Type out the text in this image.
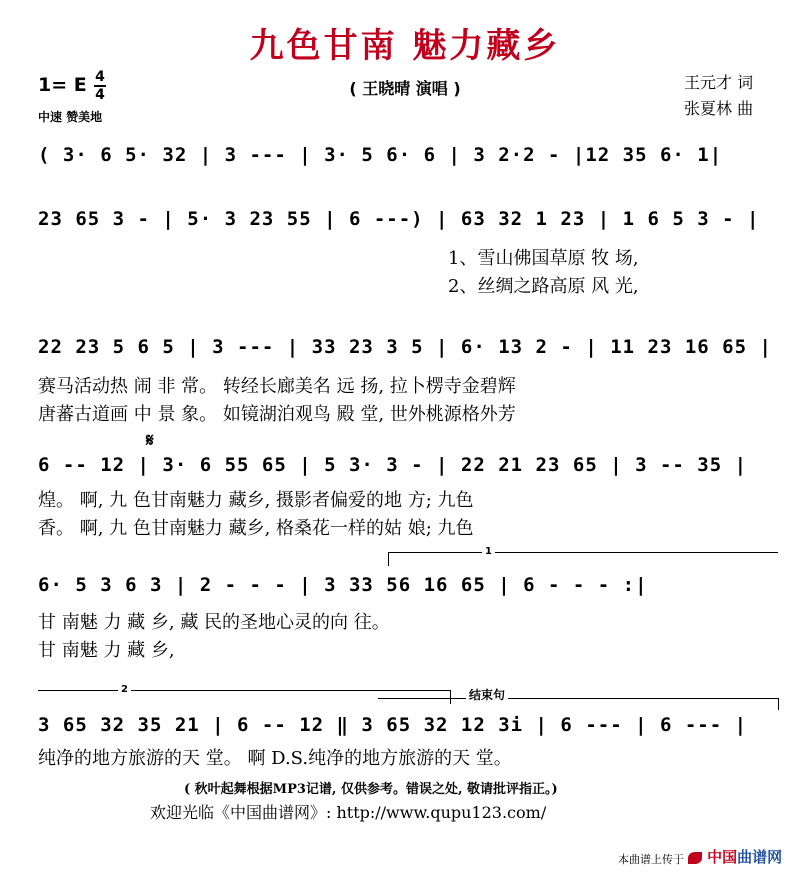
九色甘南 魅力藏乡
( 王晓晴 演唱 )	王元才 词
张夏林 曲
1= E 4
4
中速 赞美地
( 3· 6 5· 32 | 3 --- | 3· 5 6· 6 | 3 2·2 - |12 35 6· 1|
23 65 3 - | 5· 3 23 55 | 6 ---) | 63 32 1 23 | 1 6 5 3 - |
1、雪山佛国草原 牧 场,
2、丝绸之路高原 风 光,
22 23 5 6 5 | 3 --- | 33 23 3 5 | 6· 13 2 - | 11 23 16 65 |
赛马活动热 闹 非 常。 转经长廊美名 远 扬, 拉卜楞寺金碧辉
唐蕃古道画 中 景 象。 如镜湖泊观鸟 殿 堂, 世外桃源格外芳
𝄋
6 -- 12 | 3· 6 55 65 | 5 3· 3 - | 22 21 23 65 | 3 -- 35 |
煌。 啊, 九 色甘南魅力 藏乡, 摄影者偏爱的地 方; 九色
香。 啊, 九 色甘南魅力 藏乡, 格桑花一样的姑 娘; 九色
1
6· 5 3 6 3 | 2 - - - | 3 33 56 16 65 | 6 - - - :|
甘 南魅 力 藏 乡, 藏 民的圣地心灵的向 往。
甘 南魅 力 藏 乡,
2	结束句
3 65 32 35 21 | 6 -- 12 ‖ 3 65 32 12 3i | 6 --- | 6 --- |
纯净的地方旅游的天 堂。 啊 D.S.纯净的地方旅游的天 堂。
( 秋叶起舞根据MP3记谱, 仅供参考。错误之处, 敬请批评指正。)
欢迎光临《中国曲谱网》: http://www.qupu123.com/
本曲谱上传于	中国曲谱网
